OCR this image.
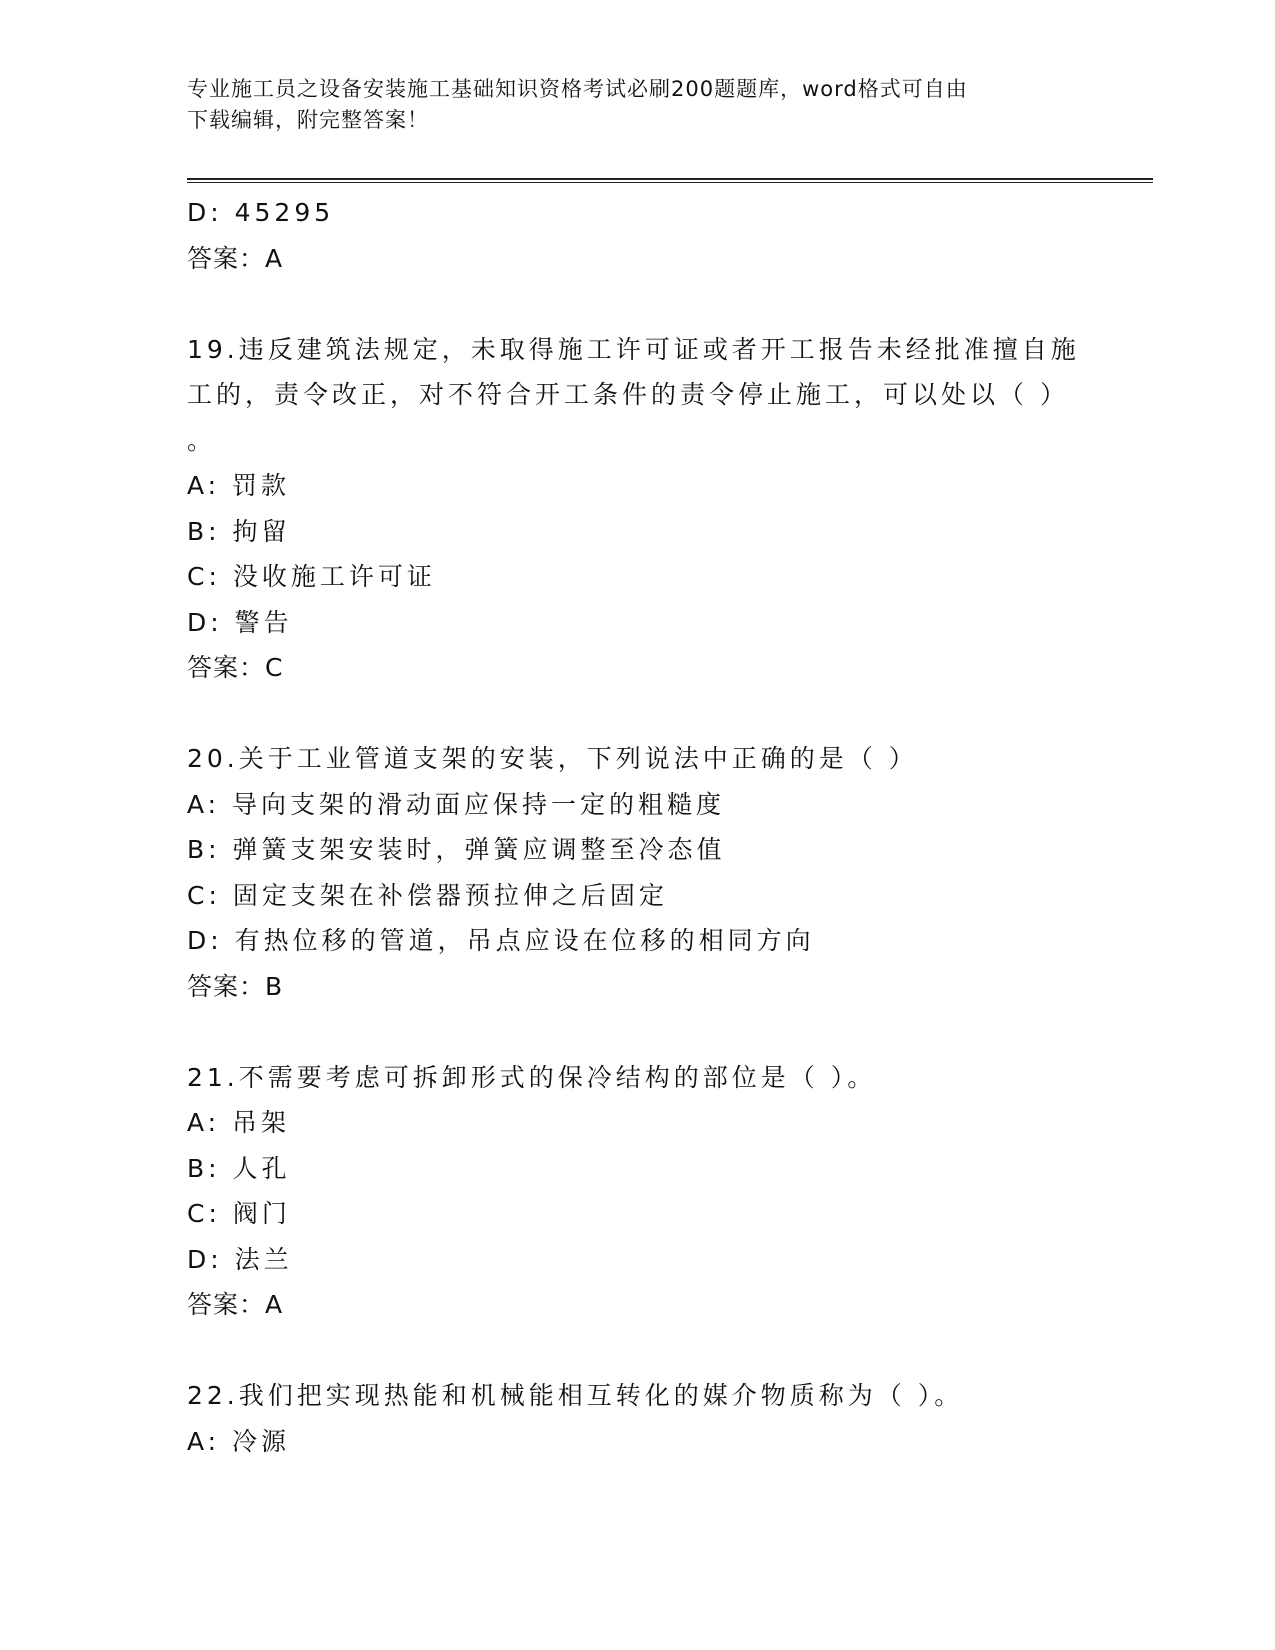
专业施工员之设备安装施工基础知识资格考试必刷200题题库，word格式可自由
下载编辑，附完整答案！
D: 45295
答案：A
19.违反建筑法规定，未取得施工许可证或者开工报告未经批准擅自施
工的，责令改正，对不符合开工条件的责令停止施工，可以处以（ ）
。
A: 罚款
B: 拘留
C: 没收施工许可证
D: 警告
答案：C
20.关于工业管道支架的安装，下列说法中正确的是（ ）
A: 导向支架的滑动面应保持一定的粗糙度
B: 弹簧支架安装时，弹簧应调整至冷态值
C: 固定支架在补偿器预拉伸之后固定
D: 有热位移的管道，吊点应设在位移的相同方向
答案：B
21.不需要考虑可拆卸形式的保冷结构的部位是（ ）。
A: 吊架
B: 人孔
C: 阀门
D: 法兰
答案：A
22.我们把实现热能和机械能相互转化的媒介物质称为（ ）。
A: 冷源
